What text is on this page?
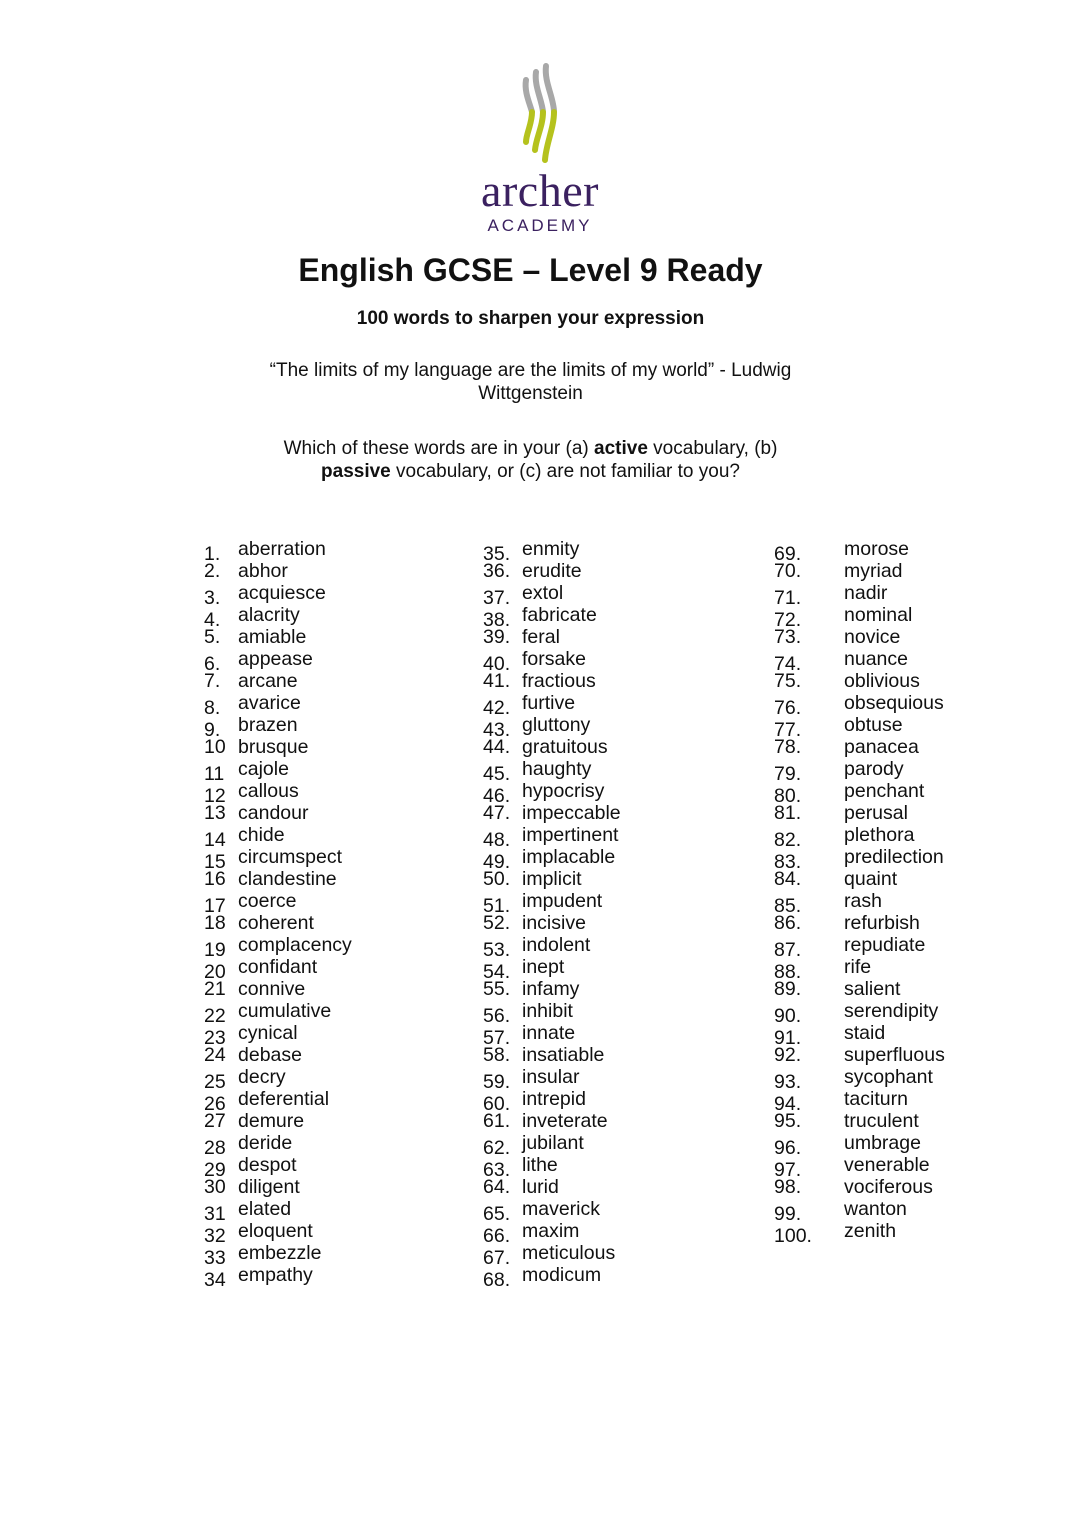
archer
ACADEMY
English GCSE – Level 9 Ready
100 words to sharpen your expression
“The limits of my language are the limits of my world” - Ludwig Wittgenstein
Which of these words are in your (a) active vocabulary, (b) passive vocabulary, or (c) are not familiar to you?
1. aberration
2. abhor
3. acquiesce
4. alacrity
5. amiable
6. appease
7. arcane
8. avarice
9. brazen
10 brusque
11 cajole
12 callous
13 candour
14 chide
15 circumspect
16 clandestine
17 coerce
18 coherent
19 complacency
20 confidant
21 connive
22 cumulative
23 cynical
24 debase
25 decry
26 deferential
27 demure
28 deride
29 despot
30 diligent
31 elated
32 eloquent
33 embezzle
34 empathy
35. enmity
36. erudite
37. extol
38. fabricate
39. feral
40. forsake
41. fractious
42. furtive
43. gluttony
44. gratuitous
45. haughty
46. hypocrisy
47. impeccable
48. impertinent
49. implacable
50. implicit
51. impudent
52. incisive
53. indolent
54. inept
55. infamy
56. inhibit
57. innate
58. insatiable
59. insular
60. intrepid
61. inveterate
62. jubilant
63. lithe
64. lurid
65. maverick
66. maxim
67. meticulous
68. modicum
69. morose
70. myriad
71. nadir
72. nominal
73. novice
74. nuance
75. oblivious
76. obsequious
77. obtuse
78. panacea
79. parody
80. penchant
81. perusal
82. plethora
83. predilection
84. quaint
85. rash
86. refurbish
87. repudiate
88. rife
89. salient
90. serendipity
91. staid
92. superfluous
93. sycophant
94. taciturn
95. truculent
96. umbrage
97. venerable
98. vociferous
99. wanton
100. zenith
